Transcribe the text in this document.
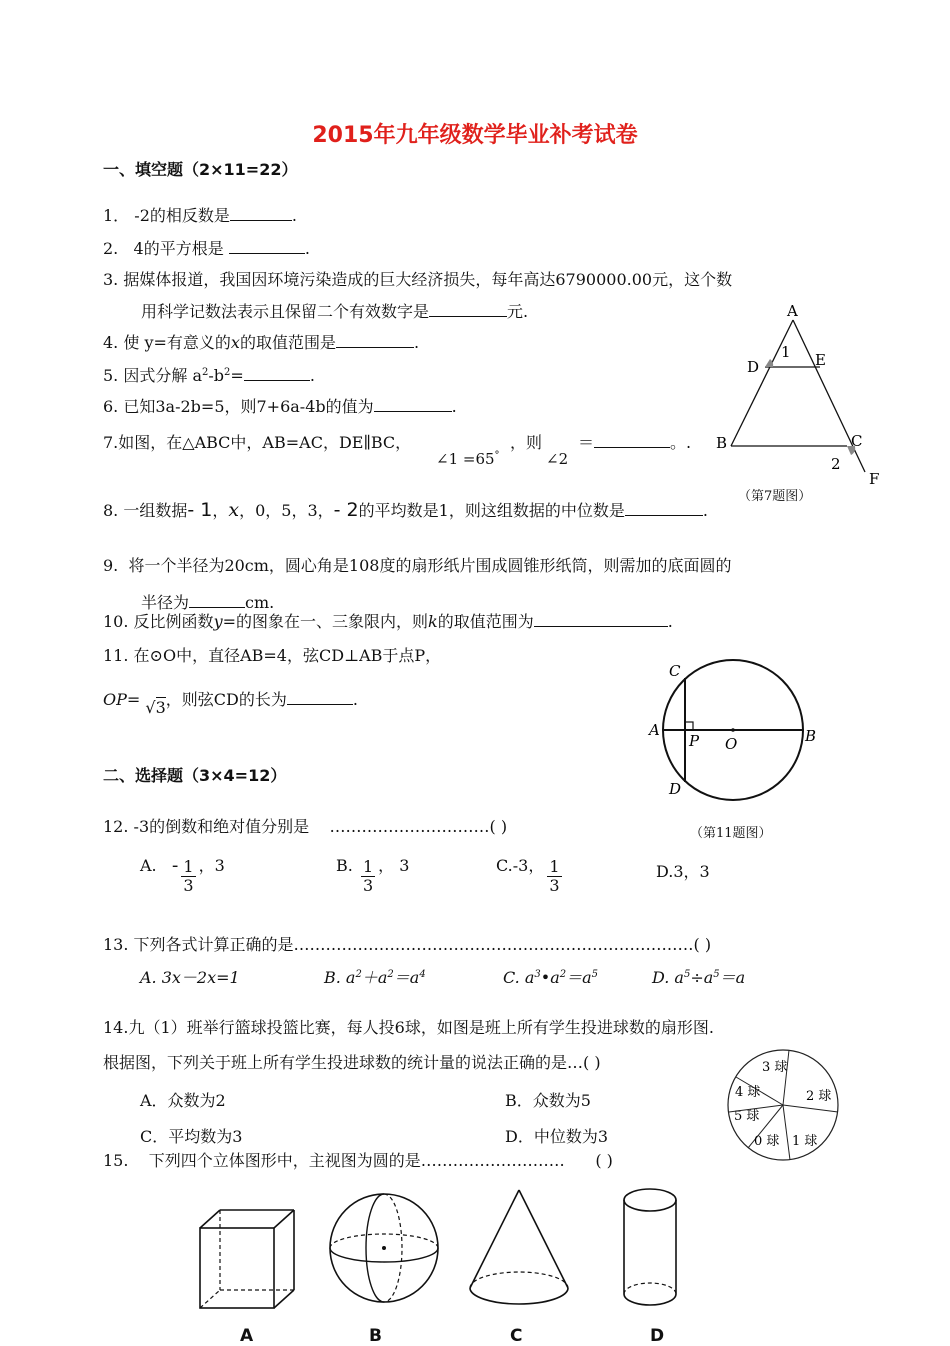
2015年九年级数学毕业补考试卷
一、填空题（2×11=22）
1． -2的相反数是	.
2. 4的平方根是	.
3. 据媒体报道，我国因环境污染造成的巨大经济损失，每年高达6790000.00元，这个数
用科学记数法表示且保留二个有效数字是	元.
4. 使 y=有意义的x的取值范围是	.
5. 因式分解 $a^2-b^2=$	.
6. 已知3a-2b=5，则7+6a-4b的值为	.
7.如图，在△ABC中，AB=AC，DE∥BC，
∠1 =65°
，则
∠2
＝	。.
A
D	E
1
B	C
2
F
（第7题图）
8. 一组数据- 1，x，0，5，3，- 2的平均数是1，则这组数据的中位数是	.
9. 将一个半径为20cm，圆心角是108度的扇形纸片围成圆锥形纸筒，则需加的底面圆的
半径为	cm.
10. 反比例函数y=的图象在一、三象限内，则k的取值范围为	.
11. 在⊙O中，直径AB=4，弦CD⊥AB于点P，
OP= √3，则弦CD的长为	.
C
A
P O	B
D
（第11题图）
二、选择题（3×4=12）
12. -3的倒数和绝对值分别是 …………………………( )
A. - $\frac{1}{3}$ ，3	B. $\frac{1}{3}$ ， 3	C.-3， $\frac{1}{3}$	D.3，3
13. 下列各式计算正确的是…………………………………………………………………( )
A. 3x－2x=1	B. $a^2+a^2=a^4$	C. $a^3•a^2=a^5$	D. $a^5\div a^5=a$
14.九（1）班举行篮球投篮比赛，每人投6球，如图是班上所有学生投进球数的扇形图.
根据图，下列关于班上所有学生投进球数的统计量的说法正确的是…( )
A．众数为2	B．众数为5
C．平均数为3	D．中位数为3
3 球
2 球
4 球
5 球
0 球 1 球
15. 下列四个立体图形中，主视图为圆的是……………………… ( )
A	B	C	D
